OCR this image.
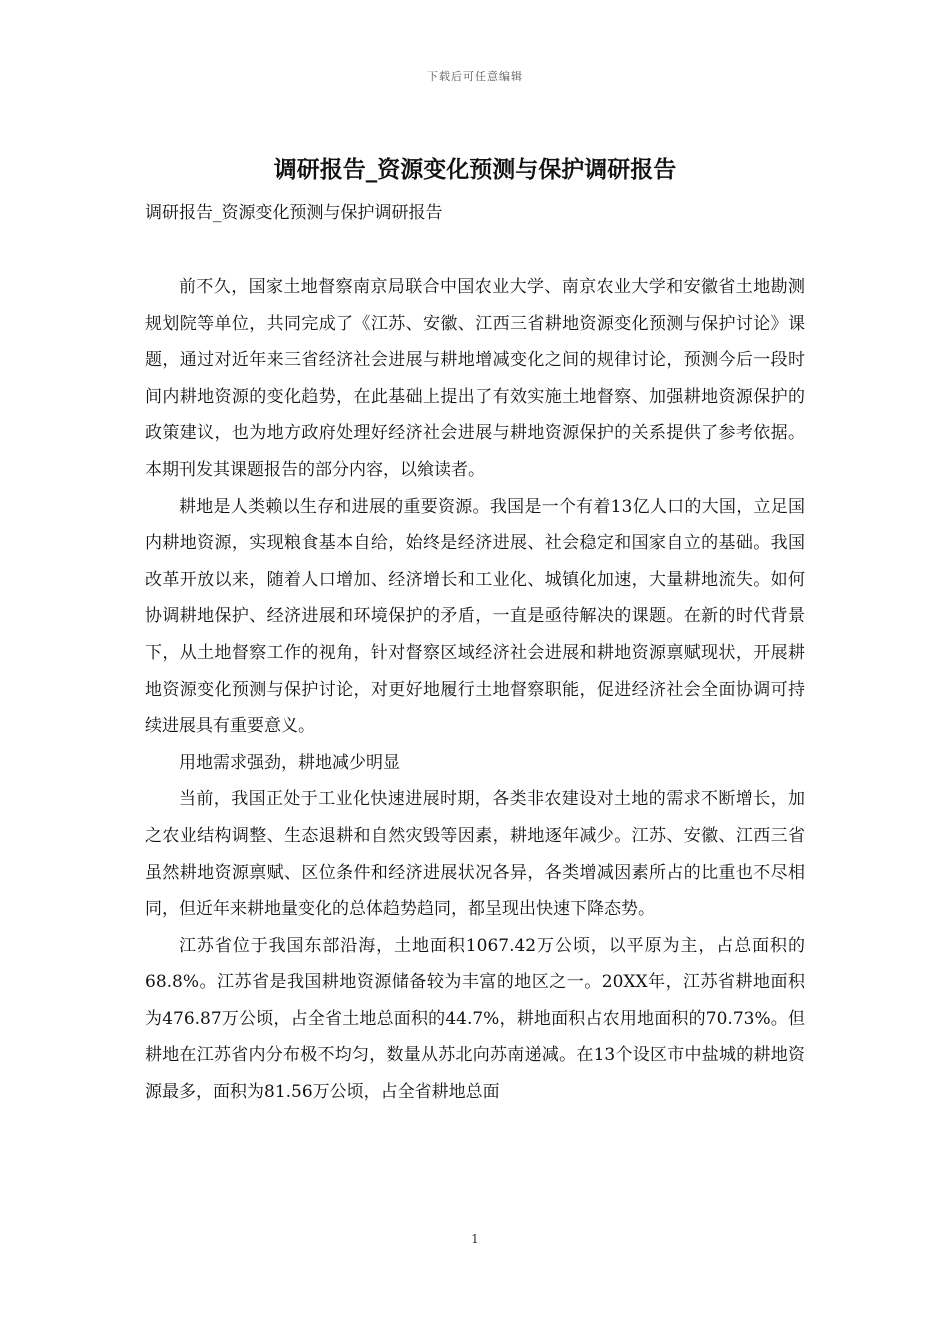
下载后可任意编辑
调研报告_资源变化预测与保护调研报告

调研报告_资源变化预测与保护调研报告

前不久，国家土地督察南京局联合中国农业大学、南京农业大学和安徽省土地勘测规划院等单位，共同完成了《江苏、安徽、江西三省耕地资源变化预测与保护讨论》课题，通过对近年来三省经济社会进展与耕地增减变化之间的规律讨论，预测今后一段时间内耕地资源的变化趋势，在此基础上提出了有效实施土地督察、加强耕地资源保护的政策建议，也为地方政府处理好经济社会进展与耕地资源保护的关系提供了参考依据。本期刊发其课题报告的部分内容，以飨读者。

耕地是人类赖以生存和进展的重要资源。我国是一个有着13亿人口的大国，立足国内耕地资源，实现粮食基本自给，始终是经济进展、社会稳定和国家自立的基础。我国改革开放以来，随着人口增加、经济增长和工业化、城镇化加速，大量耕地流失。如何协调耕地保护、经济进展和环境保护的矛盾，一直是亟待解决的课题。在新的时代背景下，从土地督察工作的视角，针对督察区域经济社会进展和耕地资源禀赋现状，开展耕地资源变化预测与保护讨论，对更好地履行土地督察职能，促进经济社会全面协调可持续进展具有重要意义。

用地需求强劲，耕地减少明显

当前，我国正处于工业化快速进展时期，各类非农建设对土地的需求不断增长，加之农业结构调整、生态退耕和自然灾毁等因素，耕地逐年减少。江苏、安徽、江西三省虽然耕地资源禀赋、区位条件和经济进展状况各异，各类增减因素所占的比重也不尽相同，但近年来耕地量变化的总体趋势趋同，都呈现出快速下降态势。

江苏省位于我国东部沿海，土地面积1067.42万公顷，以平原为主，占总面积的68.8%。江苏省是我国耕地资源储备较为丰富的地区之一。20XX年，江苏省耕地面积为476.87万公顷，占全省土地总面积的44.7%，耕地面积占农用地面积的70.73%。但耕地在江苏省内分布极不均匀，数量从苏北向苏南递减。在13个设区市中盐城的耕地资源最多，面积为81.56万公顷，占全省耕地总面

1
